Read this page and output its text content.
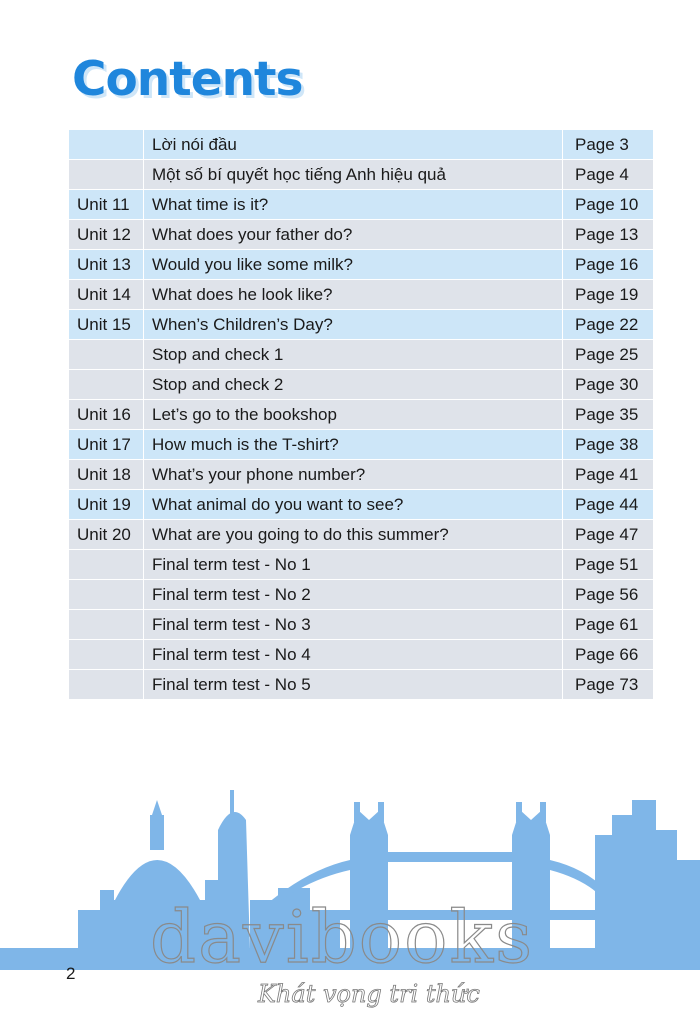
Contents
	Lời nói đầu	Page 3
	Một số bí quyết học tiếng Anh hiệu quả	Page 4
Unit 11	What time is it?	Page 10
Unit 12	What does your father do?	Page 13
Unit 13	Would you like some milk?	Page 16
Unit 14	What does he look like?	Page 19
Unit 15	When’s Children’s Day?	Page 22
	Stop and check 1	Page 25
	Stop and check 2	Page 30
Unit 16	Let’s go to the bookshop	Page 35
Unit 17	How much is the T-shirt?	Page 38
Unit 18	What’s your phone number?	Page 41
Unit 19	What animal do you want to see?	Page 44
Unit 20	What are you going to do this summer?	Page 47
	Final term test - No 1	Page 51
	Final term test - No 2	Page 56
	Final term test - No 3	Page 61
	Final term test - No 4	Page 66
	Final term test - No 5	Page 73
davibooks
Khát vọng tri thức
2
